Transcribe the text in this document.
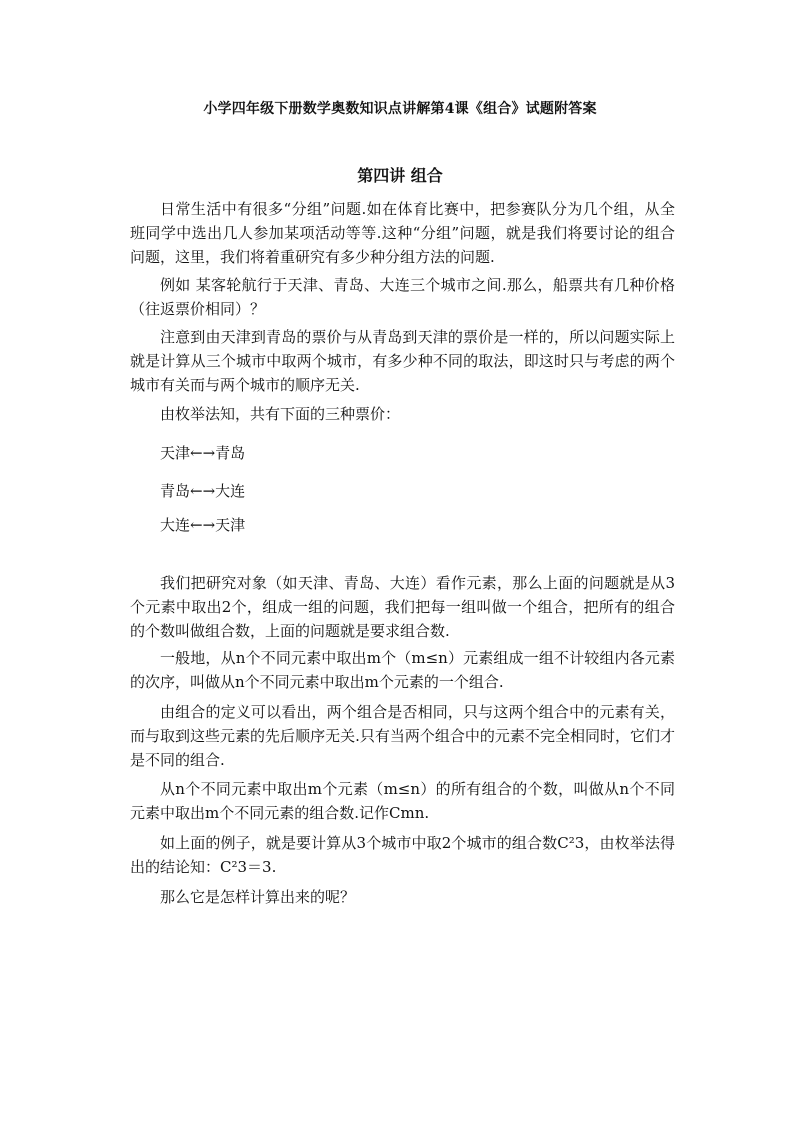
小学四年级下册数学奥数知识点讲解第4课《组合》试题附答案
第四讲 组合

日常生活中有很多“分组”问题.如在体育比赛中，把参赛队分为几个组，从全班同学中选出几人参加某项活动等等.这种“分组”问题，就是我们将要讨论的组合问题，这里，我们将着重研究有多少种分组方法的问题.

例如 某客轮航行于天津、青岛、大连三个城市之间.那么，船票共有几种价格（往返票价相同）？

注意到由天津到青岛的票价与从青岛到天津的票价是一样的，所以问题实际上就是计算从三个城市中取两个城市，有多少种不同的取法，即这时只与考虑的两个城市有关而与两个城市的顺序无关.

由枚举法知，共有下面的三种票价：

天津←→青岛

青岛←→大连

大连←→天津

我们把研究对象（如天津、青岛、大连）看作元素，那么上面的问题就是从3个元素中取出2个，组成一组的问题，我们把每一组叫做一个组合，把所有的组合的个数叫做组合数，上面的问题就是要求组合数.

一般地，从n个不同元素中取出m个（m≤n）元素组成一组不计较组内各元素的次序，叫做从n个不同元素中取出m个元素的一个组合.

由组合的定义可以看出，两个组合是否相同，只与这两个组合中的元素有关，而与取到这些元素的先后顺序无关.只有当两个组合中的元素不完全相同时，它们才是不同的组合.

从n个不同元素中取出m个元素（m≤n）的所有组合的个数，叫做从n个不同元素中取出m个不同元素的组合数.记作Cmn.

如上面的例子，就是要计算从3个城市中取2个城市的组合数C²3，由枚举法得出的结论知：C²3＝3.

那么它是怎样计算出来的呢？
